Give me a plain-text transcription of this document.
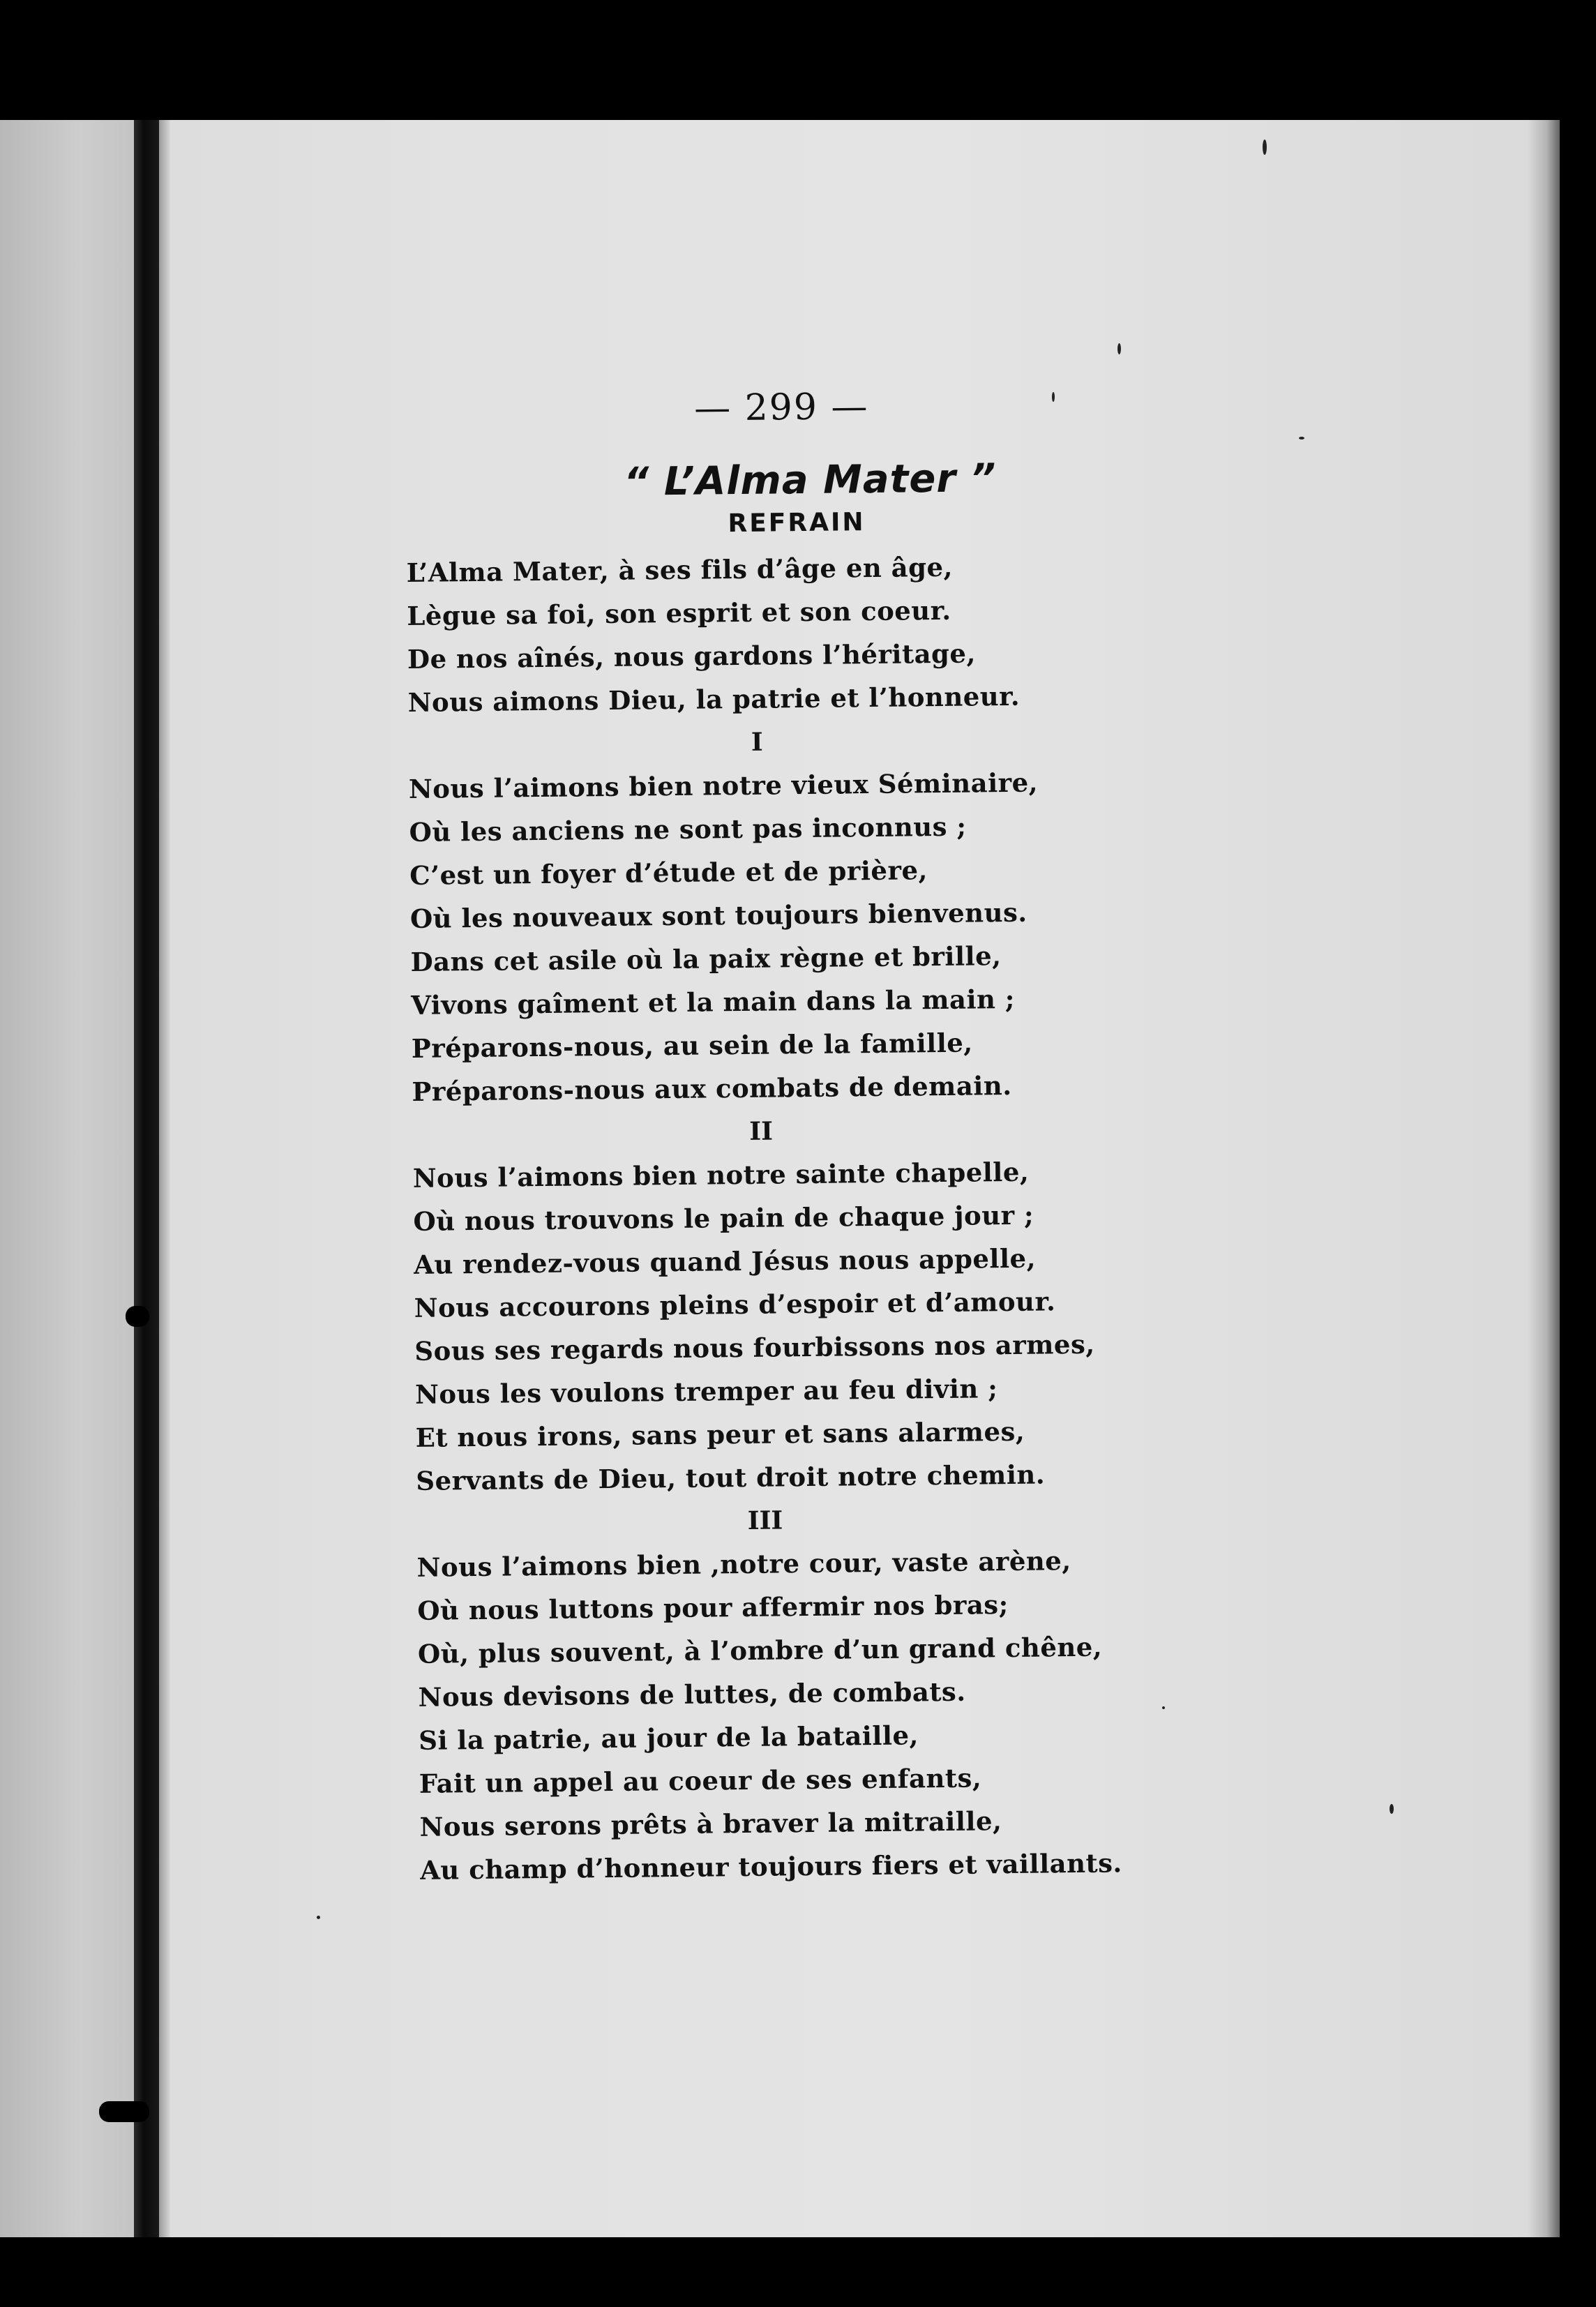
— 299 —
“ L’Alma Mater ”
REFRAIN
L’Alma Mater, à ses fils d’âge en âge,
Lègue sa foi, son esprit et son coeur.
De nos aînés, nous gardons l’héritage,
Nous aimons Dieu, la patrie et l’honneur.
I
Nous l’aimons bien notre vieux Séminaire,
Où les anciens ne sont pas inconnus ;
C’est un foyer d’étude et de prière,
Où les nouveaux sont toujours bienvenus.
Dans cet asile où la paix règne et brille,
Vivons gaîment et la main dans la main ;
Préparons-nous, au sein de la famille,
Préparons-nous aux combats de demain.
II
Nous l’aimons bien notre sainte chapelle,
Où nous trouvons le pain de chaque jour ;
Au rendez-vous quand Jésus nous appelle,
Nous accourons pleins d’espoir et d’amour.
Sous ses regards nous fourbissons nos armes,
Nous les voulons tremper au feu divin ;
Et nous irons, sans peur et sans alarmes,
Servants de Dieu, tout droit notre chemin.
III
Nous l’aimons bien ,notre cour, vaste arène,
Où nous luttons pour affermir nos bras;
Où, plus souvent, à l’ombre d’un grand chêne,
Nous devisons de luttes, de combats.
Si la patrie, au jour de la bataille,
Fait un appel au coeur de ses enfants,
Nous serons prêts à braver la mitraille,
Au champ d’honneur toujours fiers et vaillants.
